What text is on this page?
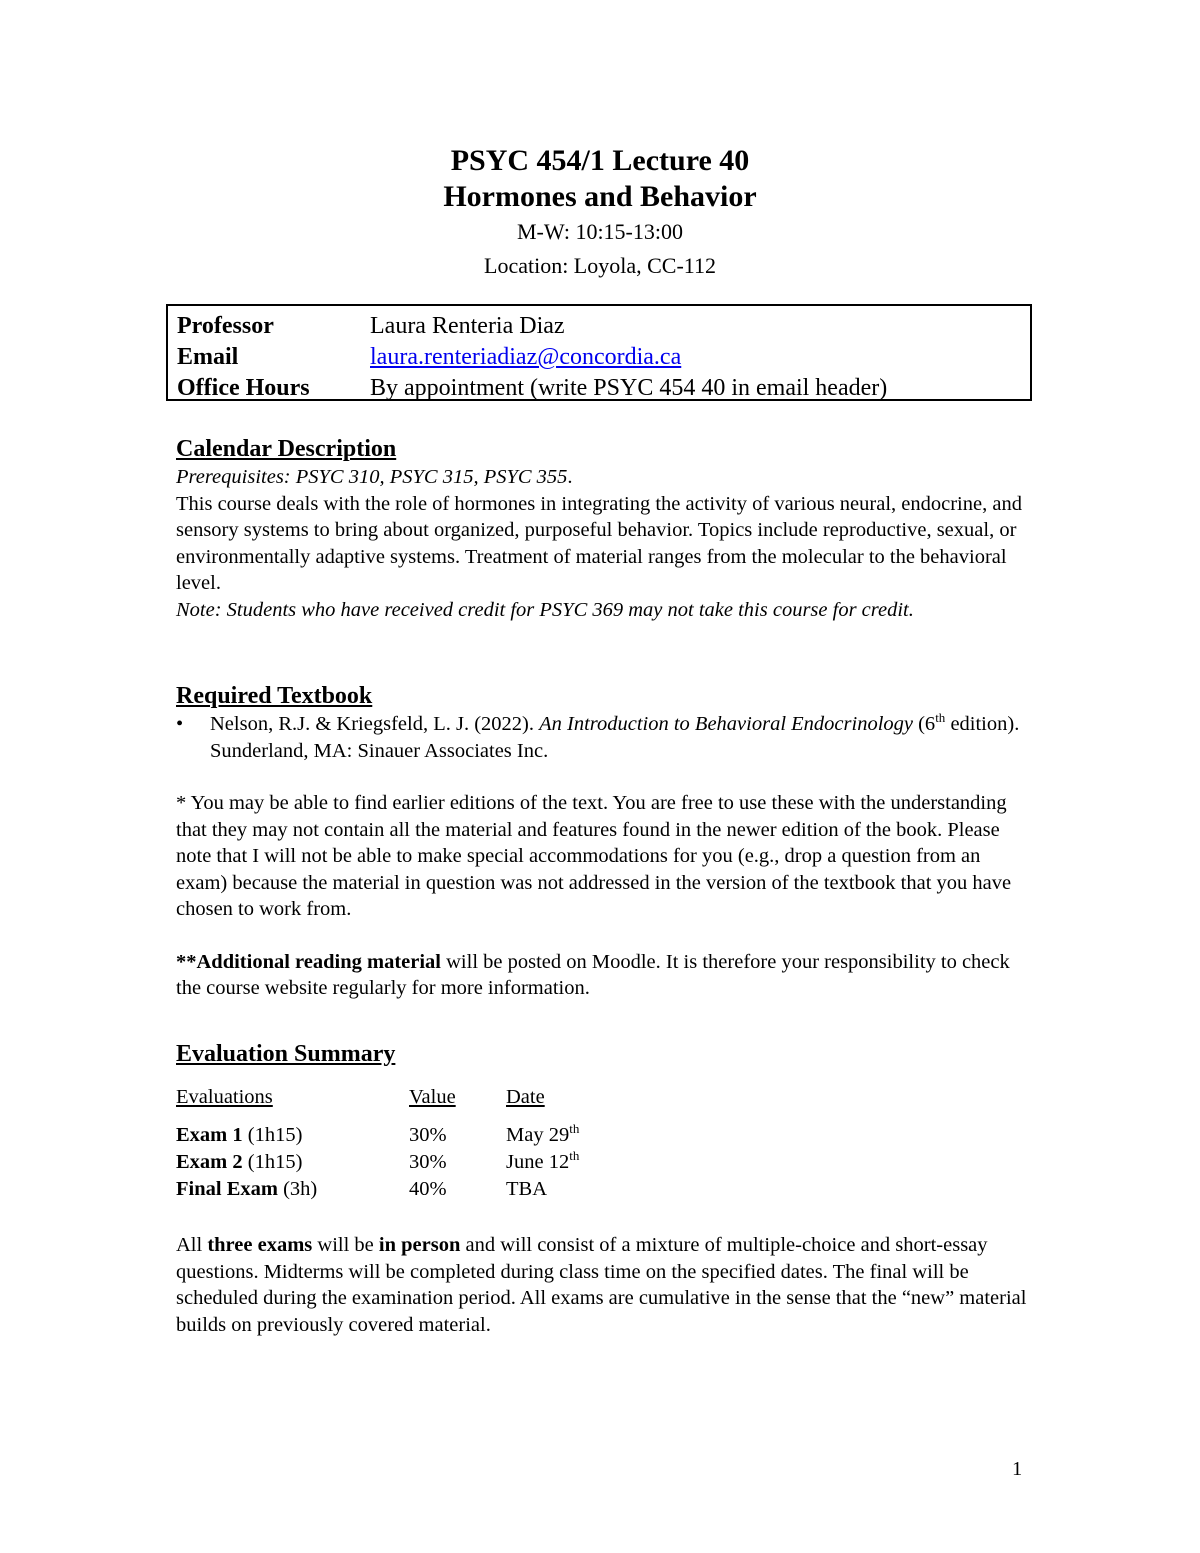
PSYC 454/1 Lecture 40
Hormones and Behavior
M-W: 10:15-13:00
Location: Loyola, CC-112
Professor	Laura Renteria Diaz
Email	laura.renteriadiaz@concordia.ca
Office Hours	By appointment (write PSYC 454 40 in email header)
Calendar Description

Prerequisites: PSYC 310, PSYC 315, PSYC 355.

This course deals with the role of hormones in integrating the activity of various neural, endocrine, and sensory systems to bring about organized, purposeful behavior. Topics include reproductive, sexual, or environmentally adaptive systems. Treatment of material ranges from the molecular to the behavioral level.

Note: Students who have received credit for PSYC 369 may not take this course for credit.

Required Textbook
• Nelson, R.J. & Kriegsfeld, L. J. (2022). An Introduction to Behavioral Endocrinology (6th edition). Sunderland, MA: Sinauer Associates Inc.

* You may be able to find earlier editions of the text. You are free to use these with the understanding that they may not contain all the material and features found in the newer edition of the book. Please note that I will not be able to make special accommodations for you (e.g., drop a question from an exam) because the material in question was not addressed in the version of the textbook that you have chosen to work from.

**Additional reading material will be posted on Moodle. It is therefore your responsibility to check the course website regularly for more information.

Evaluation Summary
Evaluations	Value Date
Exam 1 (1h15)	30%	May 29th
Exam 2 (1h15)	30%	June 12th
Final Exam (3h)	40%	TBA

All three exams will be in person and will consist of a mixture of multiple-choice and short-essay questions. Midterms will be completed during class time on the specified dates. The final will be scheduled during the examination period. All exams are cumulative in the sense that the “new” material builds on previously covered material.

1
